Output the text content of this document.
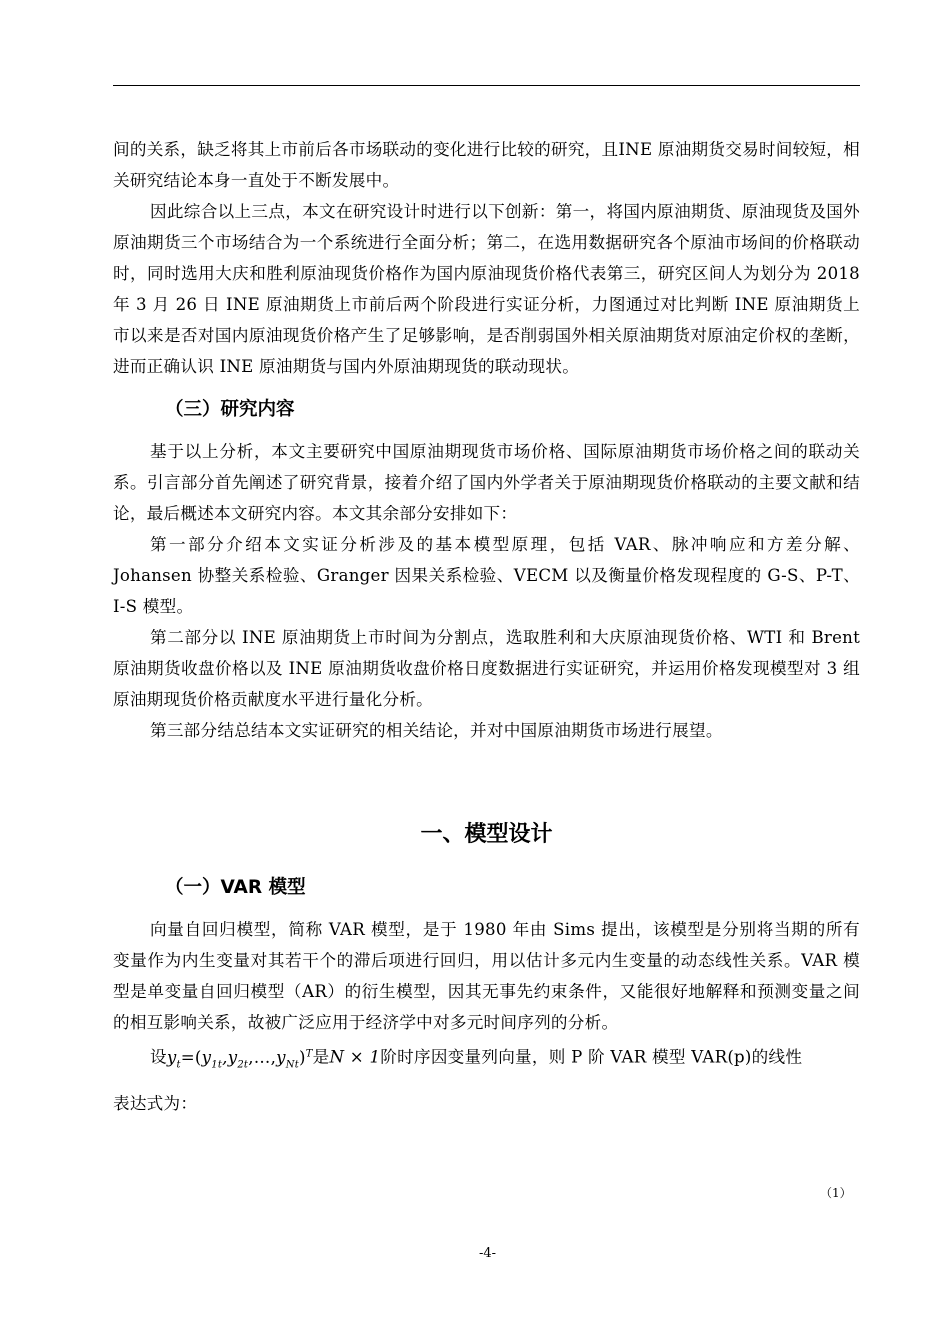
间的关系，缺乏将其上市前后各市场联动的变化进行比较的研究，且INE 原油期货交易时间较短，相关研究结论本身一直处于不断发展中。

因此综合以上三点，本文在研究设计时进行以下创新：第一，将国内原油期货、原油现货及国外原油期货三个市场结合为一个系统进行全面分析；第二，在选用数据研究各个原油市场间的价格联动时，同时选用大庆和胜利原油现货价格作为国内原油现货价格代表第三，研究区间人为划分为 2018 年 3 月 26 日 INE 原油期货上市前后两个阶段进行实证分析，力图通过对比判断 INE 原油期货上市以来是否对国内原油现货价格产生了足够影响，是否削弱国外相关原油期货对原油定价权的垄断，进而正确认识 INE 原油期货与国内外原油期现货的联动现状。

（三）研究内容

基于以上分析，本文主要研究中国原油期现货市场价格、国际原油期货市场价格之间的联动关系。引言部分首先阐述了研究背景，接着介绍了国内外学者关于原油期现货价格联动的主要文献和结论，最后概述本文研究内容。本文其余部分安排如下：

第一部分介绍本文实证分析涉及的基本模型原理，包括 VAR、脉冲响应和方差分解、Johansen 协整关系检验、Granger 因果关系检验、VECM 以及衡量价格发现程度的 G-S、P-T、I-S 模型。

第二部分以 INE 原油期货上市时间为分割点，选取胜利和大庆原油现货价格、WTI 和 Brent 原油期货收盘价格以及 INE 原油期货收盘价格日度数据进行实证研究，并运用价格发现模型对 3 组原油期现货价格贡献度水平进行量化分析。

第三部分结总结本文实证研究的相关结论，并对中国原油期货市场进行展望。

一、模型设计
（一）VAR 模型

向量自回归模型，简称 VAR 模型，是于 1980 年由 Sims 提出，该模型是分别将当期的所有变量作为内生变量对其若干个的滞后项进行回归，用以估计多元内生变量的动态线性关系。VAR 模型是单变量自回归模型（AR）的衍生模型，因其无事先约束条件，又能很好地解释和预测变量之间的相互影响关系，故被广泛应用于经济学中对多元时间序列的分析。

设$y_t=(y_{1t},y_{2t},\dots,y_{Nt})^T$是N × 1阶时序因变量列向量，则 P 阶 VAR 模型 VAR(p)的线性

表达式为：

（1）
-4-
